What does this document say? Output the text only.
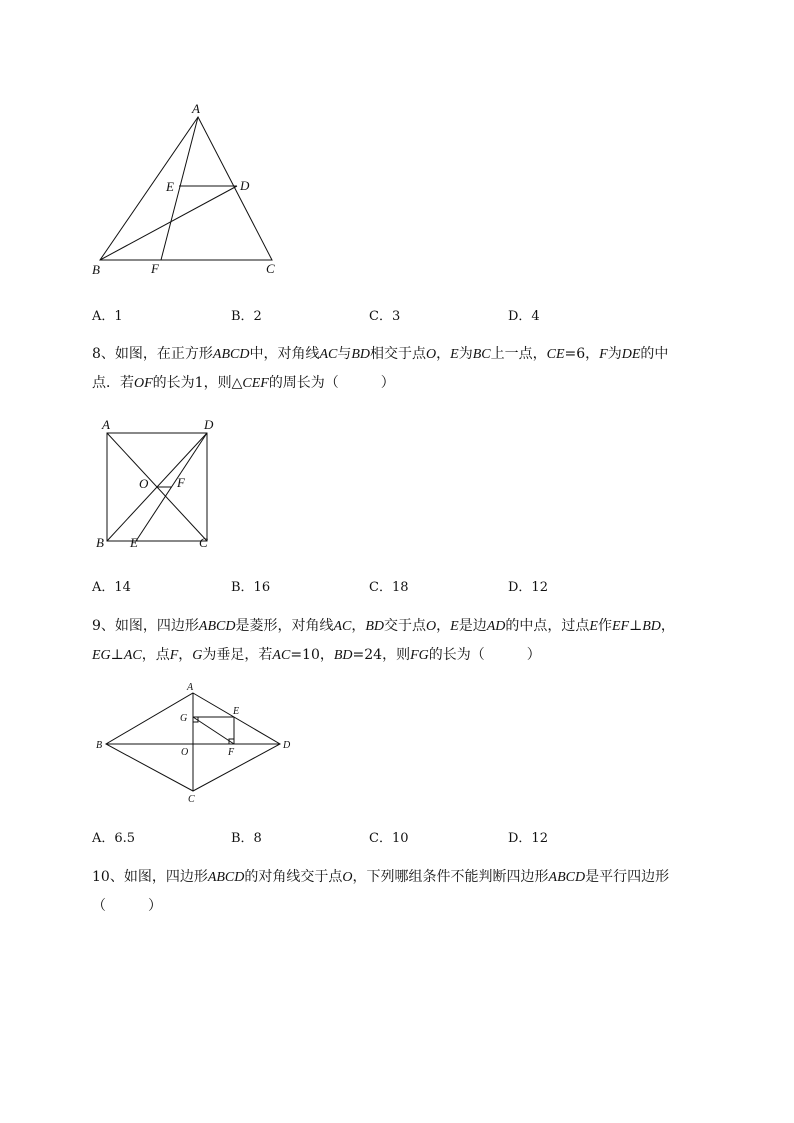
A
E	D
B	F	C
A．1	B．2	C．3	D．4
8、如图，在正方形ABCD中，对角线AC与BD相交于点O，E为BC上一点，CE=6，F为DE的中
点．若OF的长为1，则△CEF的周长为（　　　）
A	D
O F
B E	C
A．14	B．16	C．18	D．12
9、如图，四边形ABCD是菱形，对角线AC，BD交于点O，E是边AD的中点，过点E作EF⊥BD，
EG⊥AC，点F，G为垂足，若AC=10，BD=24，则FG的长为（　　　）
A
G
E
B
O	F
D
C
A．6.5	B．8	C．10	D．12
10、如图，四边形ABCD的对角线交于点O，下列哪组条件不能判断四边形ABCD是平行四边形
（　　　）
